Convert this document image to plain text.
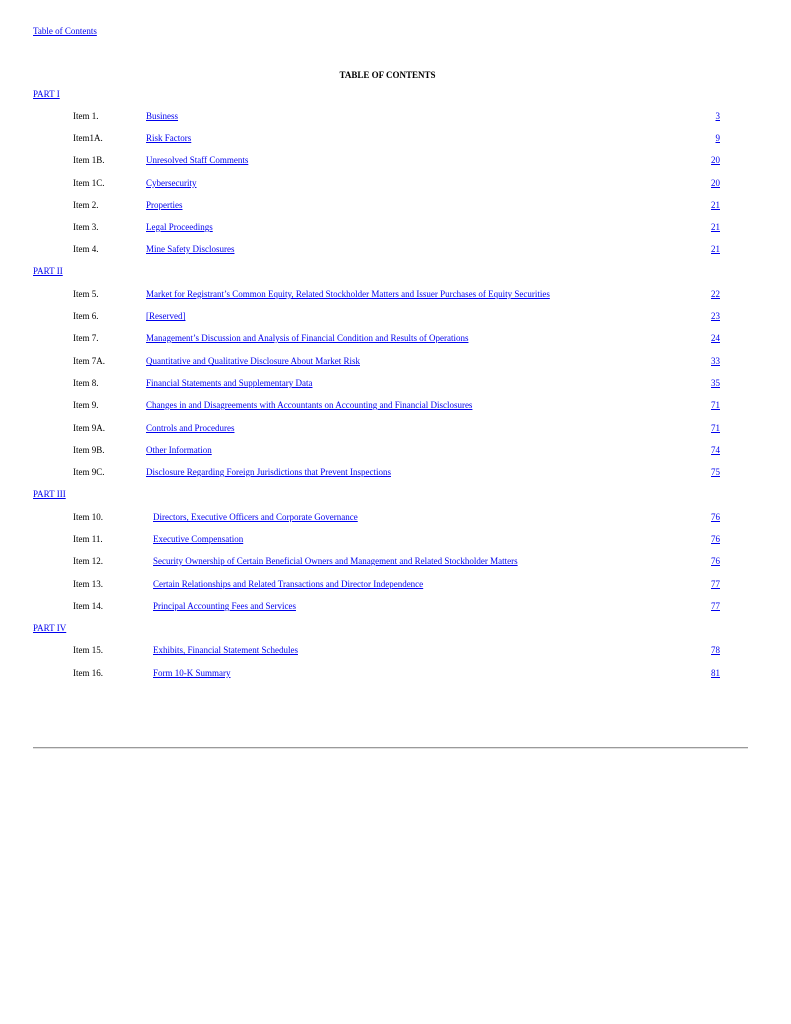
Table of Contents
TABLE OF CONTENTS
PART I
Item 1.	Business	3
Item1A.	Risk Factors	9
Item 1B.	Unresolved Staff Comments	20
Item 1C.	Cybersecurity	20
Item 2.	Properties	21
Item 3.	Legal Proceedings	21
Item 4.	Mine Safety Disclosures	21
PART II
Item 5.	Market for Registrant’s Common Equity, Related Stockholder Matters and Issuer Purchases of Equity Securities	22
Item 6.	[Reserved]	23
Item 7.	Management’s Discussion and Analysis of Financial Condition and Results of Operations	24
Item 7A.	Quantitative and Qualitative Disclosure About Market Risk	33
Item 8.	Financial Statements and Supplementary Data	35
Item 9.	Changes in and Disagreements with Accountants on Accounting and Financial Disclosures	71
Item 9A.	Controls and Procedures	71
Item 9B.	Other Information	74
Item 9C.	Disclosure Regarding Foreign Jurisdictions that Prevent Inspections	75
PART III
Item 10.	Directors, Executive Officers and Corporate Governance	76
Item 11.	Executive Compensation	76
Item 12.	Security Ownership of Certain Beneficial Owners and Management and Related Stockholder Matters	76
Item 13.	Certain Relationships and Related Transactions and Director Independence	77
Item 14.	Principal Accounting Fees and Services	77
PART IV
Item 15.	Exhibits, Financial Statement Schedules	78
Item 16.	Form 10-K Summary	81
